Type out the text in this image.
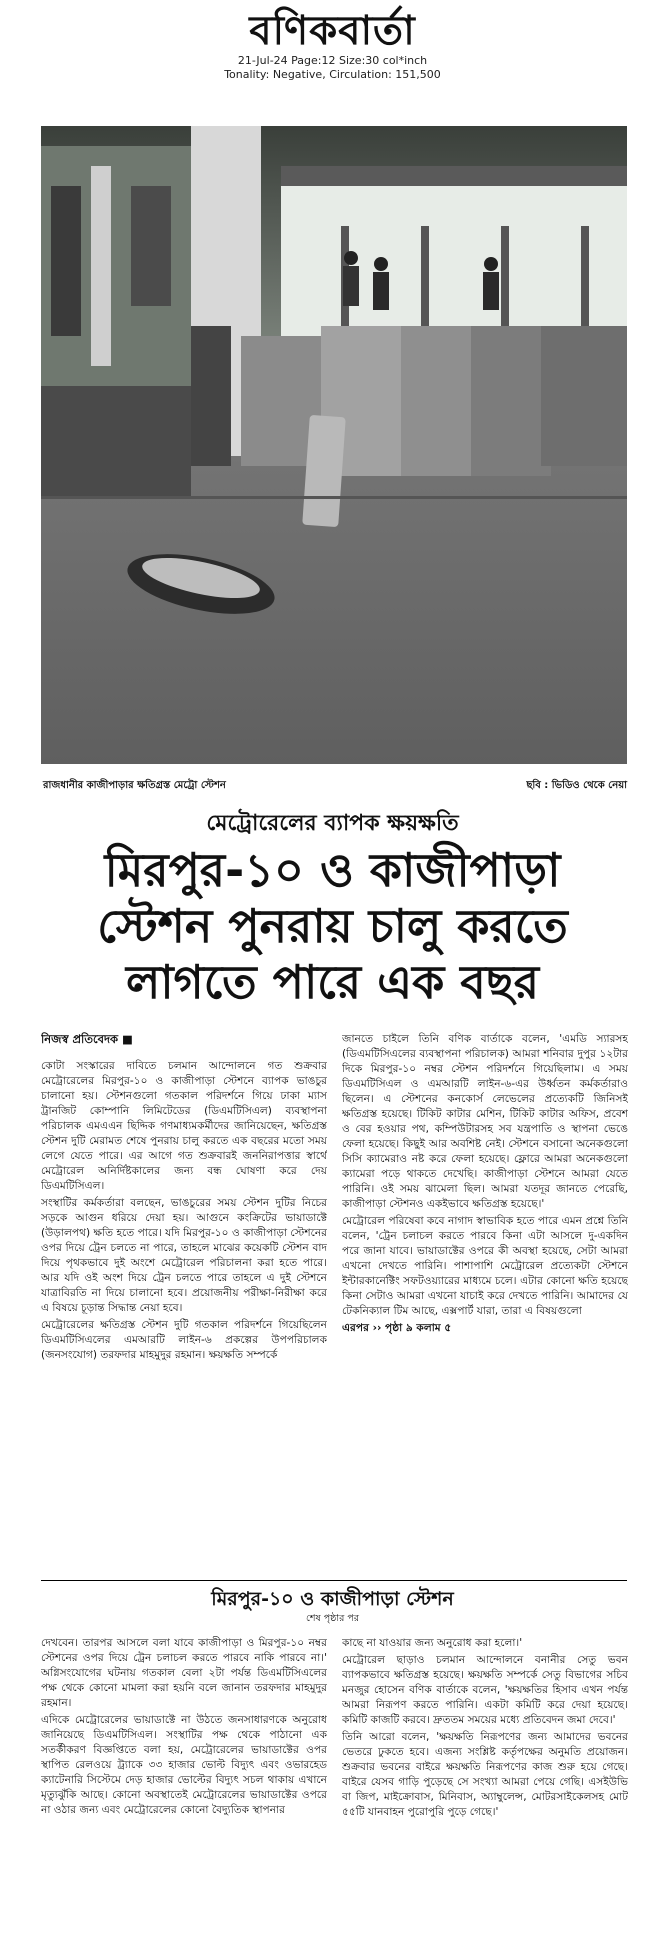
বণিকবার্তা
21-Jul-24 Page:12 Size:30 col*inch
Tonality: Negative, Circulation: 151,500
রাজধানীর কাজীপাড়ার ক্ষতিগ্রস্ত মেট্রো স্টেশন	ছবি : ভিডিও থেকে নেয়া
মেট্রোরেলের ব্যাপক ক্ষয়ক্ষতি
মিরপুর-১০ ও কাজীপাড়া
স্টেশন পুনরায় চালু করতে
লাগতে পারে এক বছর

নিজস্ব প্রতিবেদক ■

কোটা সংস্কারের দাবিতে চলমান আন্দোলনে গত শুক্রবার মেট্রোরেলের মিরপুর-১০ ও কাজীপাড়া স্টেশনে ব্যাপক ভাঙচুর চালানো হয়। স্টেশনগুলো গতকাল পরিদর্শনে গিয়ে ঢাকা ম্যাস ট্রানজিট কোম্পানি লিমিটেডের (ডিএমটিসিএল) ব্যবস্থাপনা পরিচালক এমএএন ছিদ্দিক গণমাধ্যমকর্মীদের জানিয়েছেন, ক্ষতিগ্রস্ত স্টেশন দুটি মেরামত শেষে পুনরায় চালু করতে এক বছরের মতো সময় লেগে যেতে পারে। এর আগে গত শুক্রবারই জননিরাপত্তার স্বার্থে মেট্রোরেল অনির্দিষ্টকালের জন্য বন্ধ ঘোষণা করে দেয় ডিএমটিসিএল।

সংস্থাটির কর্মকর্তারা বলছেন, ভাঙচুরের সময় স্টেশন দুটির নিচের সড়কে আগুন ধরিয়ে দেয়া হয়। আগুনে কংক্রিটের ভায়াডাক্টে (উড়ালপথ) ক্ষতি হতে পারে। যদি মিরপুর-১০ ও কাজীপাড়া স্টেশনের ওপর দিয়ে ট্রেন চলতে না পারে, তাহলে মাঝের কয়েকটি স্টেশন বাদ দিয়ে পৃথকভাবে দুই অংশে মেট্রোরেল পরিচালনা করা হতে পারে। আর যদি ওই অংশ দিয়ে ট্রেন চলতে পারে তাহলে এ দুই স্টেশনে যাত্রাবিরতি না দিয়ে চালানো হবে। প্রয়োজনীয় পরীক্ষা-নিরীক্ষা করে এ বিষয়ে চূড়ান্ত সিদ্ধান্ত নেয়া হবে।

মেট্রোরেলের ক্ষতিগ্রস্ত স্টেশন দুটি গতকাল পরিদর্শনে গিয়েছিলেন ডিএমটিসিএলের এমআরটি লাইন-৬ প্রকল্পের উপপরিচালক (জনসংযোগ) তরফদার মাহমুদুর রহমান। ক্ষয়ক্ষতি সম্পর্কে

জানতে চাইলে তিনি বণিক বার্তাকে বলেন, 'এমডি স্যারসহ (ডিএমটিসিএলের ব্যবস্থাপনা পরিচালক) আমরা শনিবার দুপুর ১২টার দিকে মিরপুর-১০ নম্বর স্টেশন পরিদর্শনে গিয়েছিলাম। এ সময় ডিএমটিসিএল ও এমআরটি লাইন-৬-এর উর্ধ্বতন কর্মকর্তারাও ছিলেন। এ স্টেশনের কনকোর্স লেভেলের প্রত্যেকটি জিনিসই ক্ষতিগ্রস্ত হয়েছে। টিকিট কাটার মেশিন, টিকিট কাটার অফিস, প্রবেশ ও বের হওয়ার পথ, কম্পিউটারসহ সব যন্ত্রপাতি ও স্থাপনা ভেঙে ফেলা হয়েছে। কিছুই আর অবশিষ্ট নেই। স্টেশনে বসানো অনেকগুলো সিসি ক্যামেরাও নষ্ট করে ফেলা হয়েছে। ফ্লোরে আমরা অনেকগুলো ক্যামেরা পড়ে থাকতে দেখেছি। কাজীপাড়া স্টেশনে আমরা যেতে পারিনি। ওই সময় ঝামেলা ছিল। আমরা যতদূর জানতে পেরেছি, কাজীপাড়া স্টেশনও একইভাবে ক্ষতিগ্রস্ত হয়েছে।'

মেট্রোরেল পরিষেবা কবে নাগাদ স্বাভাবিক হতে পারে এমন প্রশ্নে তিনি বলেন, 'ট্রেন চলাচল করতে পারবে কিনা এটা আসলে দু-একদিন পরে জানা যাবে। ভায়াডাক্টের ওপরে কী অবস্থা হয়েছে, সেটা আমরা এখনো দেখতে পারিনি। পাশাপাশি মেট্রোরেল প্রত্যেকটা স্টেশনে ইন্টারকানেক্টিং সফটওয়্যারের মাধ্যমে চলে। এটার কোনো ক্ষতি হয়েছে কিনা সেটাও আমরা এখনো যাচাই করে দেখতে পারিনি। আমাদের যে টেকনিক্যাল টিম আছে, এক্সপার্ট যারা, তারা এ বিষয়গুলো

এরপর ›› পৃষ্ঠা ৯ কলাম ৫

মিরপুর-১০ ও কাজীপাড়া স্টেশন
শেষ পৃষ্ঠার পর

দেখবেন। তারপর আসলে বলা যাবে কাজীপাড়া ও মিরপুর-১০ নম্বর স্টেশনের ওপর দিয়ে ট্রেন চলাচল করতে পারবে নাকি পারবে না।' অগ্নিসংযোগের ঘটনায় গতকাল বেলা ২টা পর্যন্ত ডিএমটিসিএলের পক্ষ থেকে কোনো মামলা করা হয়নি বলে জানান তরফদার মাহমুদুর রহমান।

এদিকে মেট্রোরেলের ভায়াডাক্টে না উঠতে জনসাধারণকে অনুরোধ জানিয়েছে ডিএমটিসিএল। সংস্থাটির পক্ষ থেকে পাঠানো এক সতর্কীকরণ বিজ্ঞপ্তিতে বলা হয়, মেট্রোরেলের ভায়াডাক্টের ওপর স্থাপিত রেলওয়ে ট্র্যাকে ৩৩ হাজার ভোল্ট বিদ্যুৎ এবং ওভারহেড ক্যাটেনারি সিস্টেমে দেড় হাজার ভোল্টের বিদ্যুৎ সচল থাকায় এখানে মৃত্যুঝুঁকি আছে। কোনো অবস্থাতেই মেট্রোরেলের ভায়াডাক্টের ওপরে না ওঠার জন্য এবং মেট্রোরেলের কোনো বৈদ্যুতিক স্থাপনার

কাছে না যাওয়ার জন্য অনুরোধ করা হলো।'

মেট্রোরেল ছাড়াও চলমান আন্দোলনে বনানীর সেতু ভবন ব্যাপকভাবে ক্ষতিগ্রস্ত হয়েছে। ক্ষয়ক্ষতি সম্পর্কে সেতু বিভাগের সচিব মনজুর হোসেন বণিক বার্তাকে বলেন, 'ক্ষয়ক্ষতির হিসাব এখন পর্যন্ত আমরা নিরূপণ করতে পারিনি। একটা কমিটি করে দেয়া হয়েছে। কমিটি কাজটি করবে। দ্রুততম সময়ের মধ্যে প্রতিবেদন জমা দেবে।'

তিনি আরো বলেন, 'ক্ষয়ক্ষতি নিরূপণের জন্য আমাদের ভবনের ভেতরে ঢুকতে হবে। এজন্য সংশ্লিষ্ট কর্তৃপক্ষের অনুমতি প্রয়োজন। শুক্রবার ভবনের বাইরে ক্ষয়ক্ষতি নিরূপণের কাজ শুরু হয়ে গেছে। বাইরে যেসব গাড়ি পুড়েছে সে সংখ্যা আমরা পেয়ে গেছি। এসইউভি বা জিপ, মাইক্রোবাস, মিনিবাস, অ্যাম্বুলেন্স, মোটরসাইকেলসহ মোট ৫৫টি যানবাহন পুরোপুরি পুড়ে গেছে।'
